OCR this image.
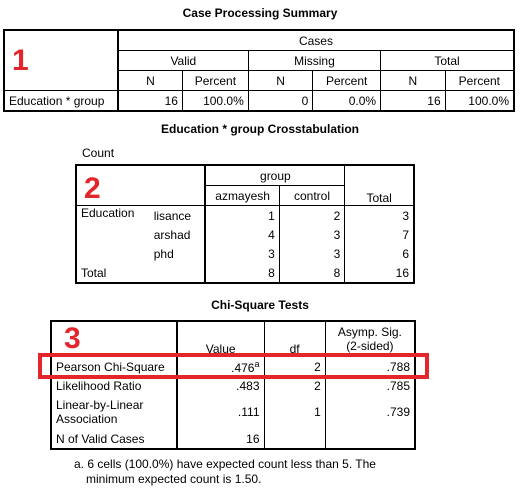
Case Processing Summary
	Cases					
	Valid		Missing		Total	
	N	Percent	N	Percent	N	Percent
Education * group	16	100.0%	0	0.0%	16	100.0%
1
Education * group Crosstabulation
Count
		group		Total
		azmayesh	control	
Education	lisance	1	2	3
	arshad	4	3	7
	phd	3	3	6
Total		8	8	16
2
Chi-Square Tests
	Value	df	Asymp. Sig.
(2-sided)

Pearson Chi-Square	.476$^a$	2	.788
Likelihood Ratio	.483	2	.785

Linear-by-Linear
Association	.111	1	.739
N of Valid Cases	16		
3
a. 6 cells (100.0%) have expected count less than 5. The
minimum expected count is 1.50.
